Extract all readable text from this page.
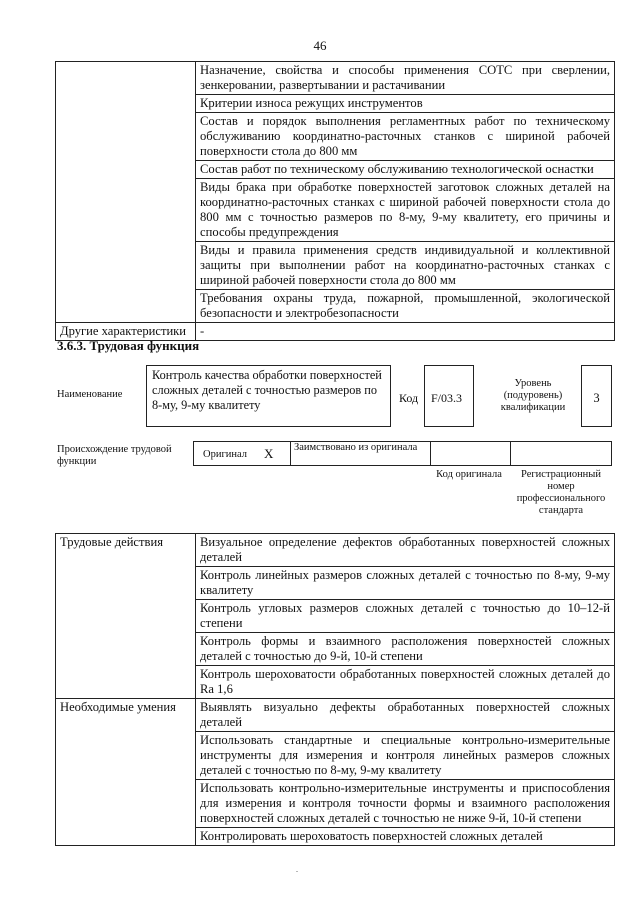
46
	Назначение, свойства и способы применения СОТС при сверлении, зенкеровании, развертывании и растачивании
	Критерии износа режущих инструментов
	Состав и порядок выполнения регламентных работ по техническому обслуживанию координатно-расточных станков с шириной рабочей поверхности стола до 800 мм
	Состав работ по техническому обслуживанию технологической оснастки
	Виды брака при обработке поверхностей заготовок сложных деталей на координатно-расточных станках с шириной рабочей поверхности стола до 800 мм с точностью размеров по 8-му, 9-му квалитету, его причины и способы предупреждения
	Виды и правила применения средств индивидуальной и коллективной защиты при выполнении работ на координатно-расточных станках с шириной рабочей поверхности стола до 800 мм
	Требования охраны труда, пожарной, промышленной, экологической безопасности и электробезопасности
Другие характеристики	-
3.6.3. Трудовая функция
Наименование
Контроль качества обработки поверхностей сложных деталей с точностью размеров по 8-му, 9-му квалитету	Код	F/03.3
Уровень (подуровень) квалификации
3
Происхождение трудовой функции
Оригинал X Заимствовано из оригинала
Код оригинала	Регистрационный номер профессионального стандарта
Трудовые действия	Визуальное определение дефектов обработанных поверхностей сложных деталей
	Контроль линейных размеров сложных деталей с точностью по 8-му, 9-му квалитету
	Контроль угловых размеров сложных деталей с точностью до 10–12-й степени
	Контроль формы и взаимного расположения поверхностей сложных деталей с точностью до 9-й, 10-й степени
	Контроль шероховатости обработанных поверхностей сложных деталей до Ra 1,6
Необходимые умения	Выявлять визуально дефекты обработанных поверхностей сложных деталей
	Использовать стандартные и специальные контрольно-измерительные инструменты для измерения и контроля линейных размеров сложных деталей с точностью по 8-му, 9-му квалитету
	Использовать контрольно-измерительные инструменты и приспособления для измерения и контроля точности формы и взаимного расположения поверхностей сложных деталей с точностью не ниже 9-й, 10-й степени
	Контролировать шероховатость поверхностей сложных деталей
.
